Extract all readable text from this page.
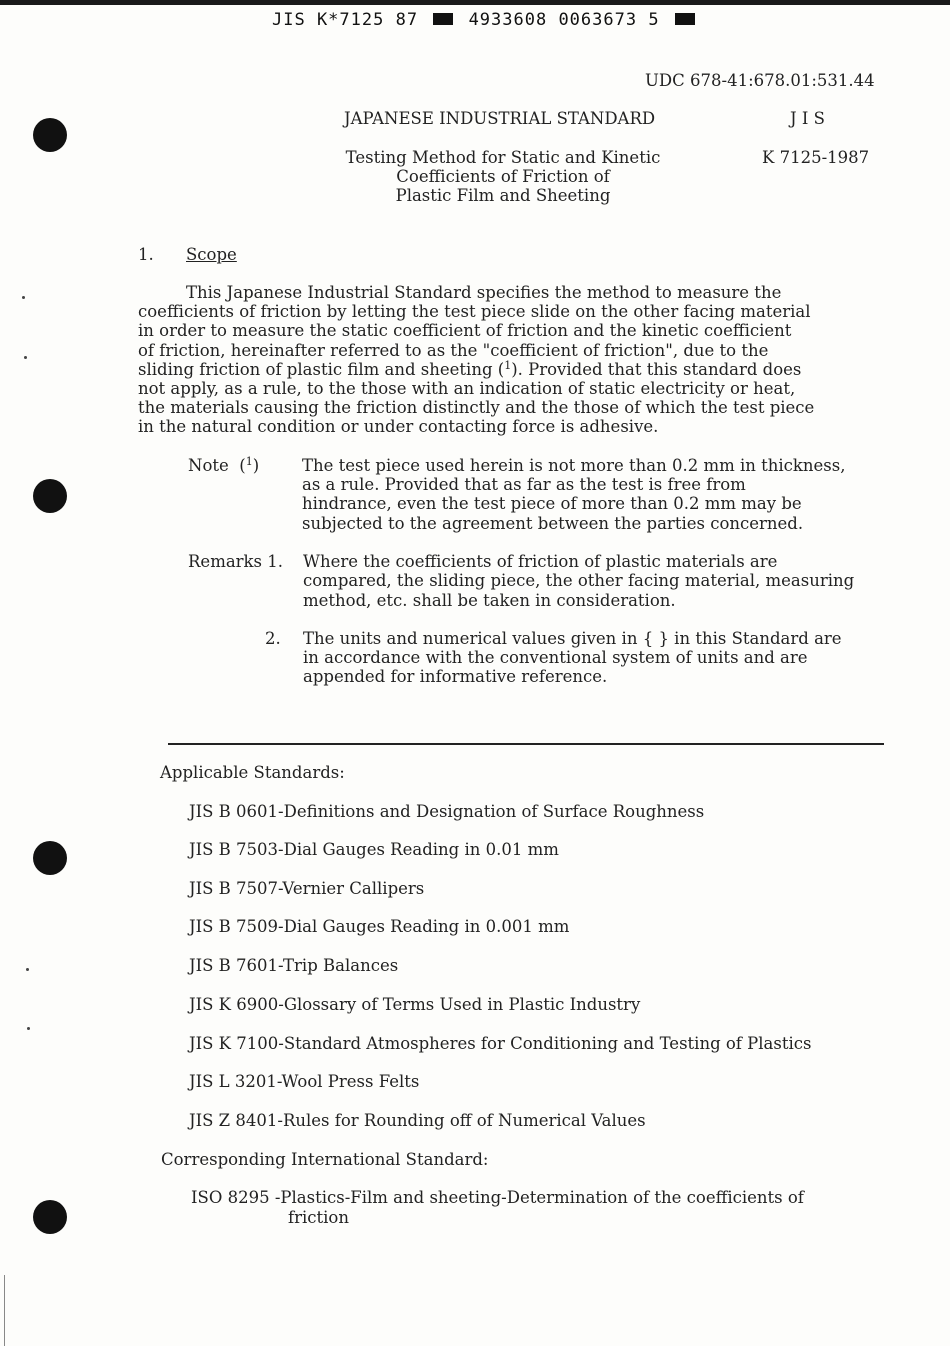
JIS K*7125 87	4933608 0063673 5
UDC 678-41:678.01:531.44
JAPANESE INDUSTRIAL STANDARD	J I S
Testing Method for Static and Kinetic
Coefficients of Friction of
Plastic Film and Sheeting
K 7125-1987
1. Scope
This Japanese Industrial Standard specifies the method to measure the
coefficients of friction by letting the test piece slide on the other facing material
in order to measure the static coefficient of friction and the kinetic coefficient
of friction, hereinafter referred to as the "coefficient of friction", due to the
sliding friction of plastic film and sheeting ($^1$). Provided that this standard does
not apply, as a rule, to the those with an indication of static electricity or heat,
the materials causing the friction distinctly and the those of which the test piece
in the natural condition or under contacting force is adhesive.
Note  ($^1$)	The test piece used herein is not more than 0.2 mm in thickness,
as a rule. Provided that as far as the test is free from
hindrance, even the test piece of more than 0.2 mm may be
subjected to the agreement between the parties concerned.
Remarks 1. Where the coefficients of friction of plastic materials are
compared, the sliding piece, the other facing material, measuring
method, etc. shall be taken in consideration.
2. The units and numerical values given in { } in this Standard are
in accordance with the conventional system of units and are
appended for informative reference.
Applicable Standards:
JIS B 0601-Definitions and Designation of Surface Roughness
JIS B 7503-Dial Gauges Reading in 0.01 mm
JIS B 7507-Vernier Callipers
JIS B 7509-Dial Gauges Reading in 0.001 mm
JIS B 7601-Trip Balances
JIS K 6900-Glossary of Terms Used in Plastic Industry
JIS K 7100-Standard Atmospheres for Conditioning and Testing of Plastics
JIS L 3201-Wool Press Felts
JIS Z 8401-Rules for Rounding off of Numerical Values
Corresponding International Standard:
ISO 8295 -Plastics-Film and sheeting-Determination of the coefficients of
friction
